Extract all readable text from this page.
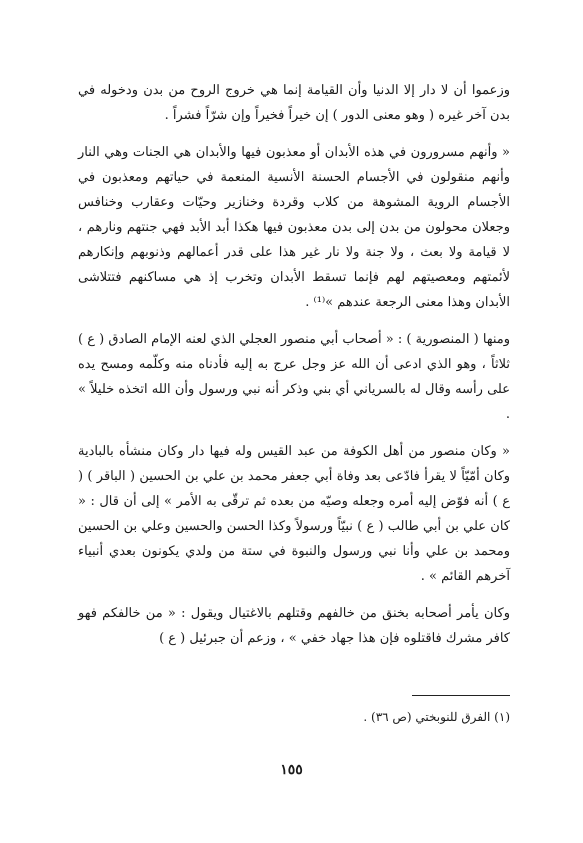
وزعموا أن لا دار إلا الدنيا وأن القيامة إنما هي خروج الروح من بدن ودخوله في بدن آخر غيره ( وهو معنى الدور ) إن خيراً فخيراً وإن شرّاً فشراً .

« وأنهم مسرورون في هذه الأبدان أو معذبون فيها والأبدان هي الجنات وهي النار وأنهم منقولون في الأجسام الحسنة الأنسية المنعمة في حياتهم ومعذبون في الأجسام الروية المشوهة من كلاب وقردة وخنازير وحيّات وعقارب وخنافس وجعلان محولون من بدن إلى بدن معذبون فيها هكذا أبد الأبد فهي جنتهم ونارهم ، لا قيامة ولا بعث ، ولا جنة ولا نار غير هذا على قدر أعمالهم وذنوبهم وإنكارهم لأئمتهم ومعصيتهم لهم فإنما تسقط الأبدان وتخرب إذ هي مساكنهم فتتلاشى الأبدان وهذا معنى الرجعة عندهم »⁽¹⁾ .

ومنها ( المنصورية ) : « أصحاب أبي منصور العجلي الذي لعنه الإمام الصادق ( ع ) ثلاثاً ، وهو الذي ادعى أن الله عز وجل عرج به إليه فأدناه منه وكلّمه ومسح يده على رأسه وقال له بالسرياني أي بني وذكر أنه نبي ورسول وأن الله اتخذه خليلاً » .

« وكان منصور من أهل الكوفة من عبد القيس وله فيها دار وكان منشأه بالبادية وكان أمّيّاً لا يقرأ فادّعى بعد وفاة أبي جعفر محمد بن علي بن الحسين ( الباقر ) ( ع ) أنه فوّض إليه أمره وجعله وصيّه من بعده ثم ترقّى به الأمر » إلى أن قال : « كان علي بن أبي طالب ( ع ) نبيّاً ورسولاً وكذا الحسن والحسين وعلي بن الحسين ومحمد بن علي وأنا نبي ورسول والنبوة في ستة من ولدي يكونون بعدي أنبياء آخرهم القائم » .

وكان يأمر أصحابه بخنق من خالفهم وقتلهم بالاغتيال ويقول : « من خالفكم فهو كافر مشرك فاقتلوه فإن هذا جهاد خفي » ، وزعم أن جبرئيل ( ع )

(١) الفرق للنوبختي (ص ٣٦) .
١٥٥
